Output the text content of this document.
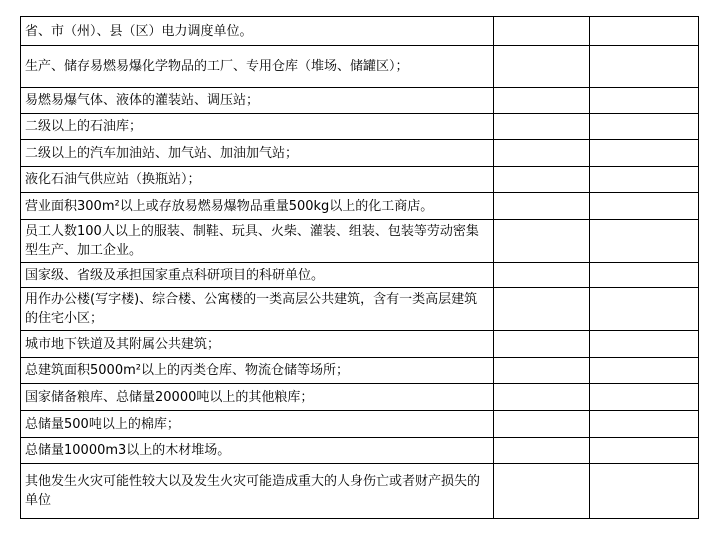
省、市（州）、县（区）电力调度单位。		
生产、储存易燃易爆化学物品的工厂、专用仓库（堆场、储罐区）；		
易燃易爆气体、液体的灌装站、调压站；		
二级以上的石油库；		
二级以上的汽车加油站、加气站、加油加气站；		
液化石油气供应站（换瓶站）；		
营业面积300m²以上或存放易燃易爆物品重量500kg以上的化工商店。		
员工人数100人以上的服装、制鞋、玩具、火柴、灌装、组装、包装等劳动密集型生产、加工企业。		
国家级、省级及承担国家重点科研项目的科研单位。		
用作办公楼(写字楼)、综合楼、公寓楼的一类高层公共建筑，含有一类高层建筑的住宅小区；		
城市地下铁道及其附属公共建筑；		
总建筑面积5000m²以上的丙类仓库、物流仓储等场所；		
国家储备粮库、总储量20000吨以上的其他粮库；		
总储量500吨以上的棉库；		
总储量10000m3以上的木材堆场。		
其他发生火灾可能性较大以及发生火灾可能造成重大的人身伤亡或者财产损失的单位		
